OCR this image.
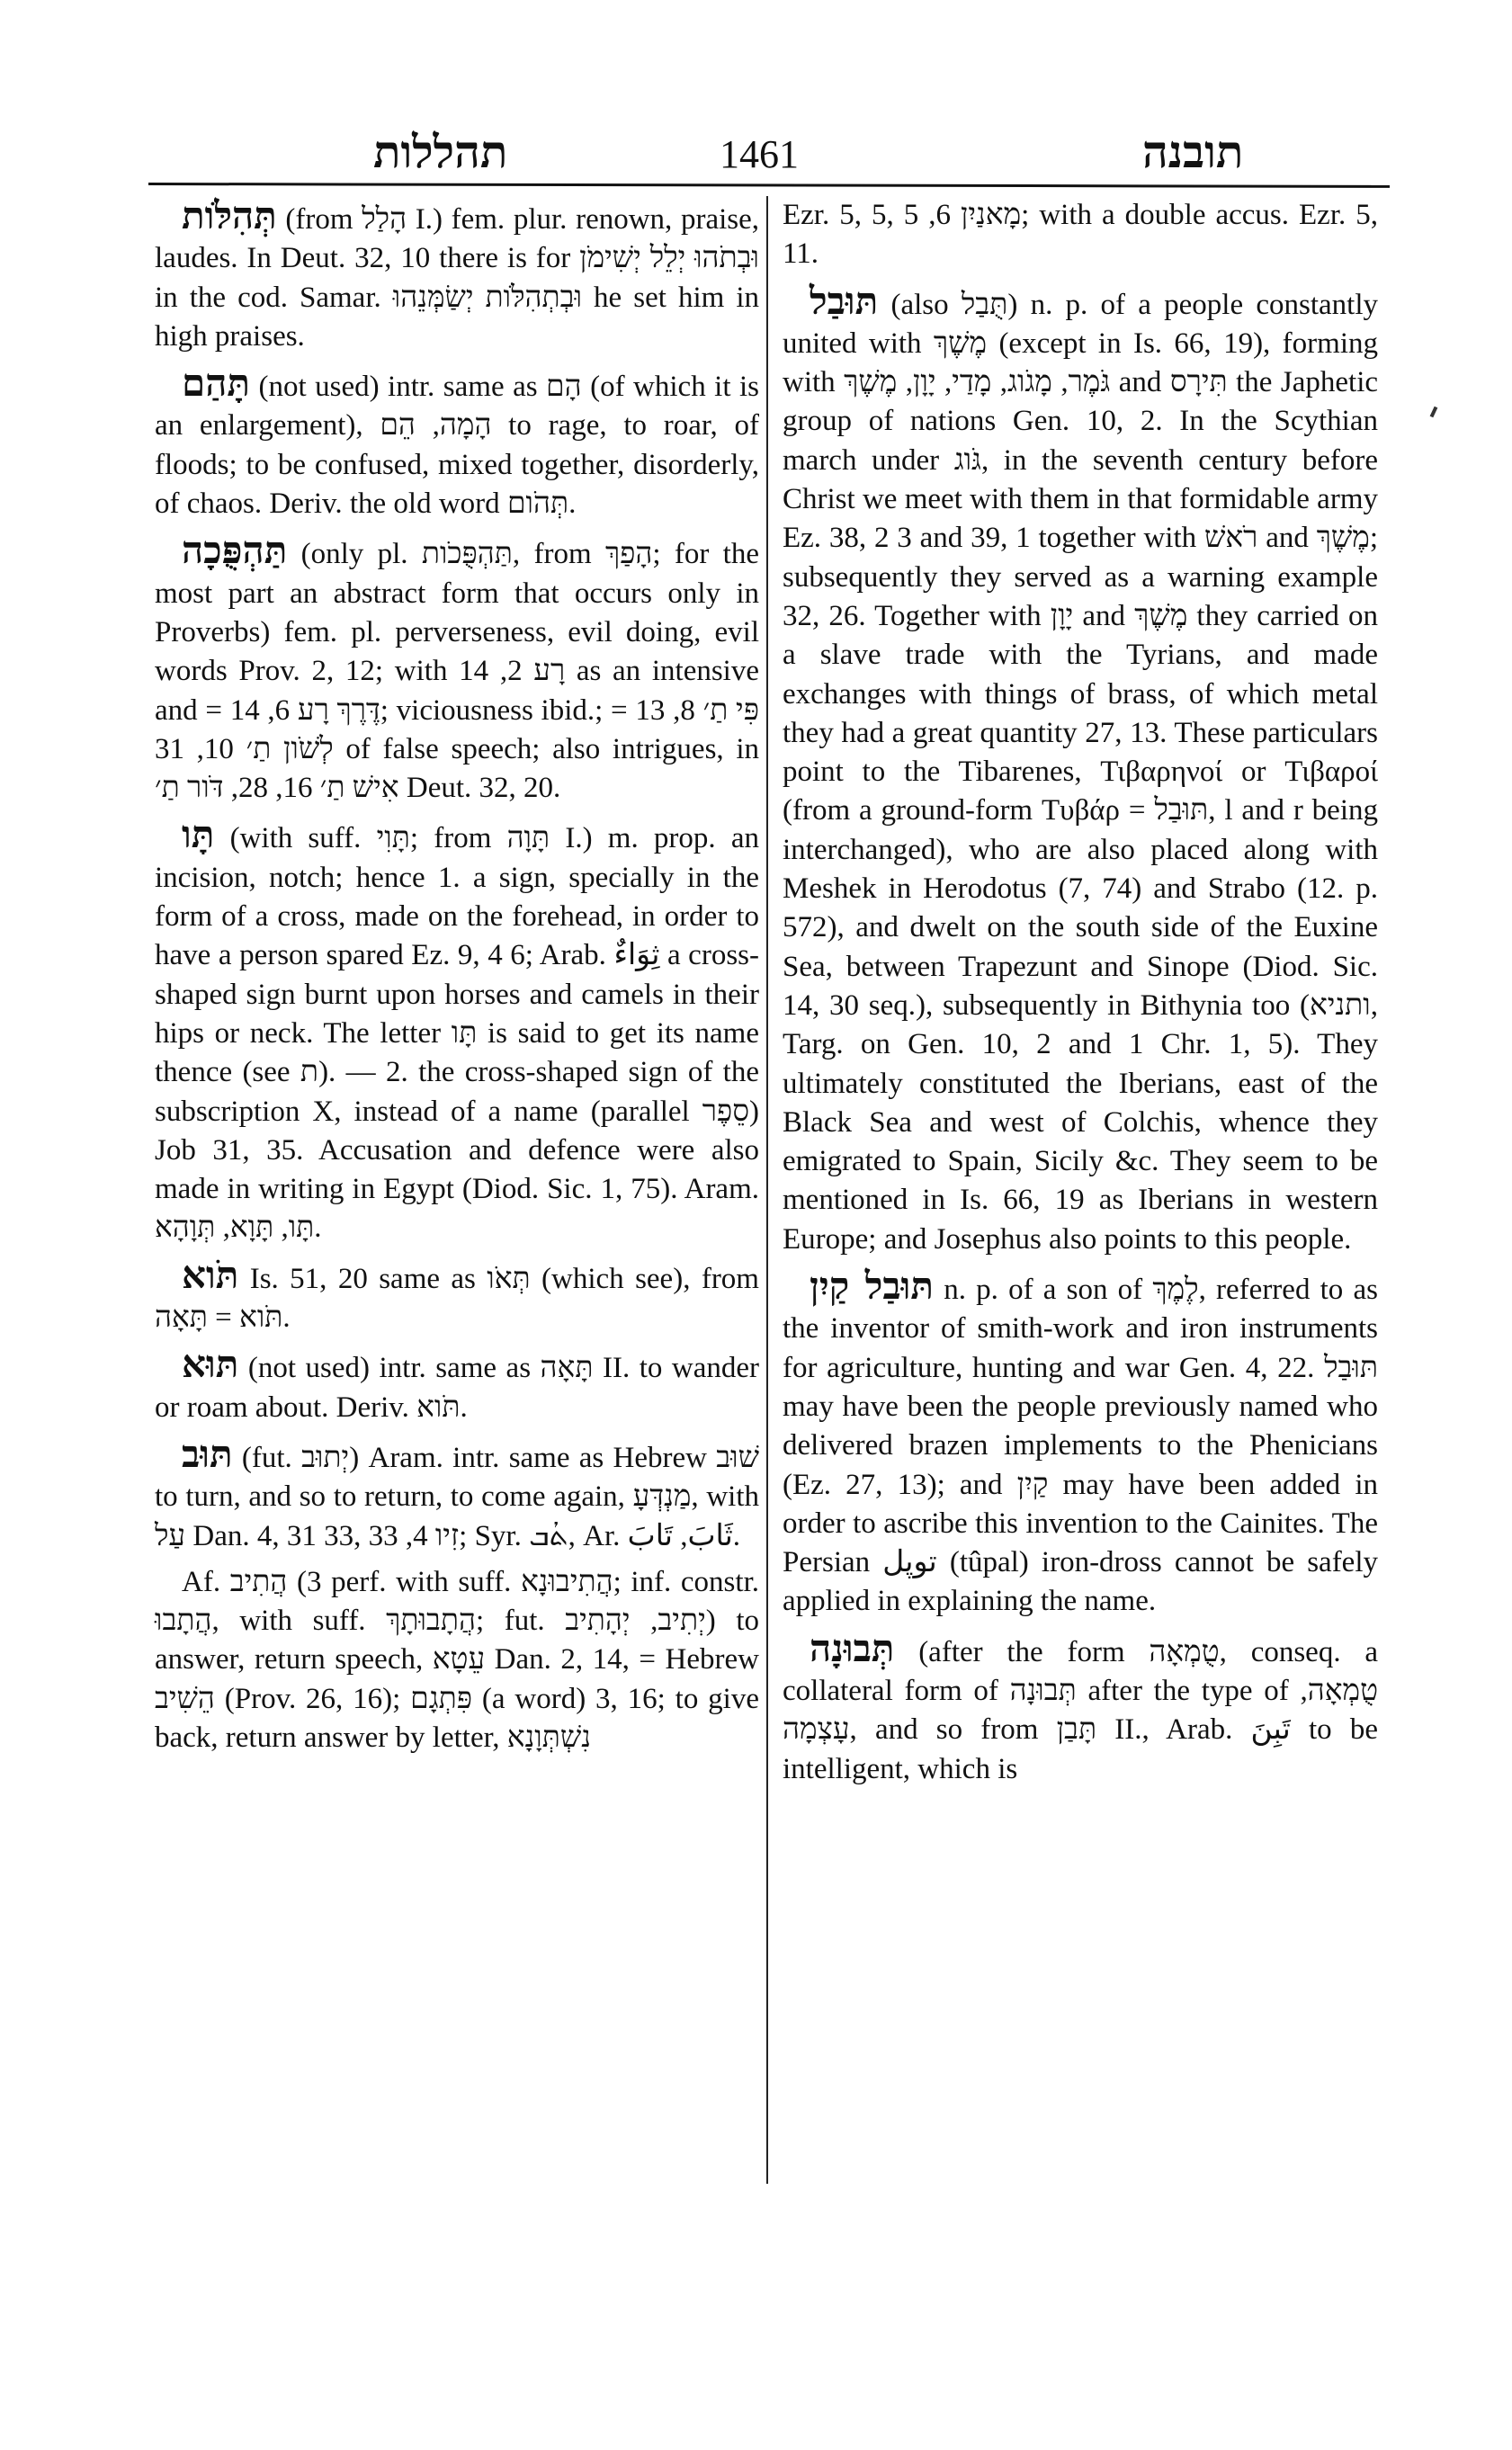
תהללות	1461	תובנה

תְּהִלֹּות (from הָלַל I.) fem. plur. renown, praise, laudes. In Deut. 32, 10 there is for וּבְתֹהוּ יְלֵל יְשִׁימֹן in the cod. Samar. וּבְתְהִלֹּות יְשַׂמְּנֵהוּ he set him in high praises.

תָּהַם (not used) intr. same as הָם (of which it is an enlargement), הָמָה, הֵם to rage, to roar, of floods; to be confused, mixed together, disorderly, of chaos. Deriv. the old word תְּהֹום.

תַּהְפֻּכָה (only pl. תַּהְפֻּכֹות, from הָפַךְ; for the most part an abstract form that occurs only in Proverbs) fem. pl. perverseness, evil doing, evil words Prov. 2, 12; with רָע 2, 14 as an intensive and = דֶּרֶךְ רָע 6, 14; viciousness ibid.; פִּי תַ׳ 8, 13 = לְשֹׁון תַ׳ 10, 31 of false speech; also intrigues, in אִישׁ תַ׳ 16, 28, דֹּור תַ׳ Deut. 32, 20.

תָּו (with suff. תָּוִי; from תָּוָה I.) m. prop. an incision, notch; hence 1. a sign, specially in the form of a cross, made on the forehead, in order to have a person spared Ez. 9, 4 6; Arab. ثِوَاءٌ a cross-shaped sign burnt upon horses and camels in their hips or neck. The letter תָּו is said to get its name thence (see ת). — 2. the cross-shaped sign of the subscription X, instead of a name (parallel סֵפֶר) Job 31, 35. Accusation and defence were also made in writing in Egypt (Diod. Sic. 1, 75). Aram. תָּו, תָּוָא, תְּוָהָא.

תֹּוא Is. 51, 20 same as תְּאֹו (which see), from תֹּוא = תָּאָה.

תּוּא (not used) intr. same as תָּאָה II. to wander or roam about. Deriv. תֹּוא.

תּוּב (fut. יְתוּב) Aram. intr. same as Hebrew שׁוּב to turn, and so to return, to come again, מַנְדְּעָ, with עַל Dan. 4, 31 33, זִיו 4, 33; Syr. ܬܳܒ, Ar. ثَابَ, تَابَ.

Af. הֲתִיב (3 perf. with suff. הֲתִיבוּנָא; inf. constr. הֲתָבוּ, with suff. הֲתָבוּתָךְ; fut. יְתִיב, יְהָתִיב) to answer, return speech, עֵטָא Dan. 2, 14, = Hebrew הֵשִׁיב (Prov. 26, 16); פִּתְגָם (a word) 3, 16; to give back, return answer by letter, נִשְׁתְּוָנָא

Ezr. 5, 5, מָאנַיִן 6, 5; with a double accus. Ezr. 5, 11.

תּוּבַל (also תֻּבַל) n. p. of a people constantly united with מֶשֶׁךְ (except in Is. 66, 19), forming with גֹּמֶר, מָגֹוג, מָדַי, יָוָן, מֶשֶׁךְ and תִּירָס the Japhetic group of nations Gen. 10, 2. In the Scythian march under גֹּוג, in the seventh century before Christ we meet with them in that formidable army Ez. 38, 2 3 and 39, 1 together with רֹאשׁ and מֶשֶׁךְ; subsequently they served as a warning example 32, 26. Together with יָוָן and מֶשֶׁךְ they carried on a slave trade with the Tyrians, and made exchanges with things of brass, of which metal they had a great quantity 27, 13. These particulars point to the Tibarenes, Τιβαρηνοί or Τιβαροί (from a ground-form Τυβάρ = תּוּבַל, l and r being interchanged), who are also placed along with Meshek in Herodotus (7, 74) and Strabo (12. p. 572), and dwelt on the south side of the Euxine Sea, between Trapezunt and Sinope (Diod. Sic. 14, 30 seq.), subsequently in Bithynia too (ותניא, Targ. on Gen. 10, 2 and 1 Chr. 1, 5). They ultimately constituted the Iberians, east of the Black Sea and west of Colchis, whence they emigrated to Spain, Sicily &c. They seem to be mentioned in Is. 66, 19 as Iberians in western Europe; and Josephus also points to this people.

תּוּבַל קַיִן n. p. of a son of לֶמֶךְ, referred to as the inventor of smith-work and iron instruments for agriculture, hunting and war Gen. 4, 22. תּוּבַל may have been the people previously named who delivered brazen implements to the Phenicians (Ez. 27, 13); and קַיִן may have been added in order to ascribe this invention to the Cainites. The Persian توپل (tûpal) iron-dross cannot be safely applied in explaining the name.

תְּבוּנָה (after the form טֻמְאָה, conseq. a collateral form of תְּבוּנָה after the type of טֻמְאָה, עָצְמָה, and so from תָּבַן II., Arab. تَبِنَ to be intelligent, which is
